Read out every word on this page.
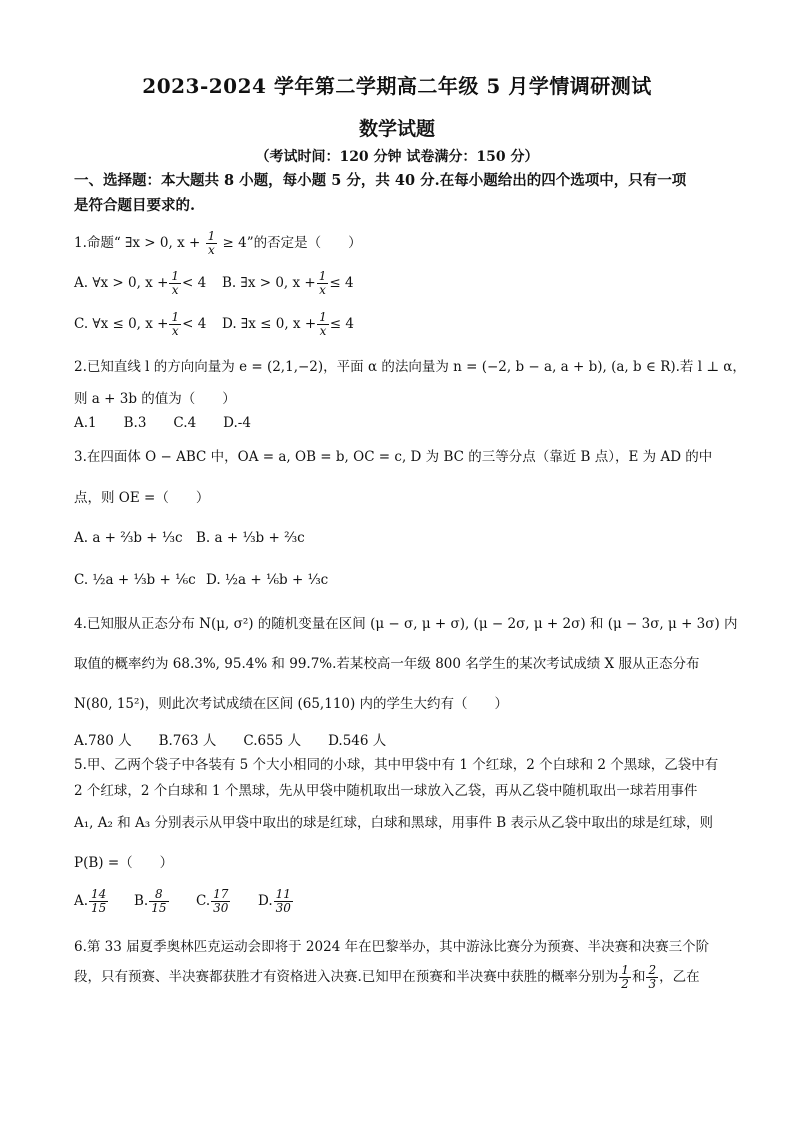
2023-2024 学年第二学期高二年级 5 月学情调研测试
数学试题
（考试时间：120 分钟 试卷满分：150 分）
一、选择题：本大题共 8 小题，每小题 5 分，共 40 分.在每小题给出的四个选项中，只有一项
是符合题目要求的.
1.命题“ ∃x > 0, $x + \frac{1}{x} \ge 4$”的否定是（　　）
A. ∀x > 0, $x + \frac{1}{x} < 4$ B. ∃x > 0, $x + \frac{1}{x} \le 4$
C. ∀x ≤ 0, $x + \frac{1}{x} < 4$ D. ∃x ≤ 0, $x + \frac{1}{x} \le 4$
2.已知直线 l 的方向向量为 e = (2,1,−2)，平面 α 的法向量为 n = (−2, b − a, a + b), (a, b ∈ R).若 l ⊥ α，
则 a + 3b 的值为（　　）
A.1　　B.3　　C.4　　D.-4
3.在四面体 O − ABC 中，OA = a, OB = b, OC = c, D 为 BC 的三等分点（靠近 B 点），E 为 AD 的中
点，则 OE =（　　）
A. a + ⅔b + ⅓c B. a + ⅓b + ⅔c
C. ½a + ⅓b + ⅙c D. ½a + ⅙b + ⅓c
4.已知服从正态分布 N(μ, σ²) 的随机变量在区间 (μ − σ, μ + σ), (μ − 2σ, μ + 2σ) 和 (μ − 3σ, μ + 3σ) 内
取值的概率约为 68.3%, 95.4% 和 99.7%.若某校高一年级 800 名学生的某次考试成绩 X 服从正态分布
N(80, 15²)，则此次考试成绩在区间 (65,110) 内的学生大约有（　　）
A.780 人　　B.763 人　　C.655 人　　D.546 人
5.甲、乙两个袋子中各装有 5 个大小相同的小球，其中甲袋中有 1 个红球，2 个白球和 2 个黑球，乙袋中有
2 个红球，2 个白球和 1 个黑球，先从甲袋中随机取出一球放入乙袋，再从乙袋中随机取出一球若用事件
A₁, A₂ 和 A₃ 分别表示从甲袋中取出的球是红球，白球和黑球，用事件 B 表示从乙袋中取出的球是红球，则
P(B) =（　　）
A. $\frac{14}{15} B$. $\frac{8}{15} C$. $\frac{17}{30} D$. $\frac{11}{30}$
6.第 33 届夏季奥林匹克运动会即将于 2024 年在巴黎举办，其中游泳比赛分为预赛、半决赛和决赛三个阶
段，只有预赛、半决赛都获胜才有资格进入决赛.已知甲在预赛和半决赛中获胜的概率分别为 $\frac{1}{2}$ 和 $\frac{2}{3}$ ，乙在
